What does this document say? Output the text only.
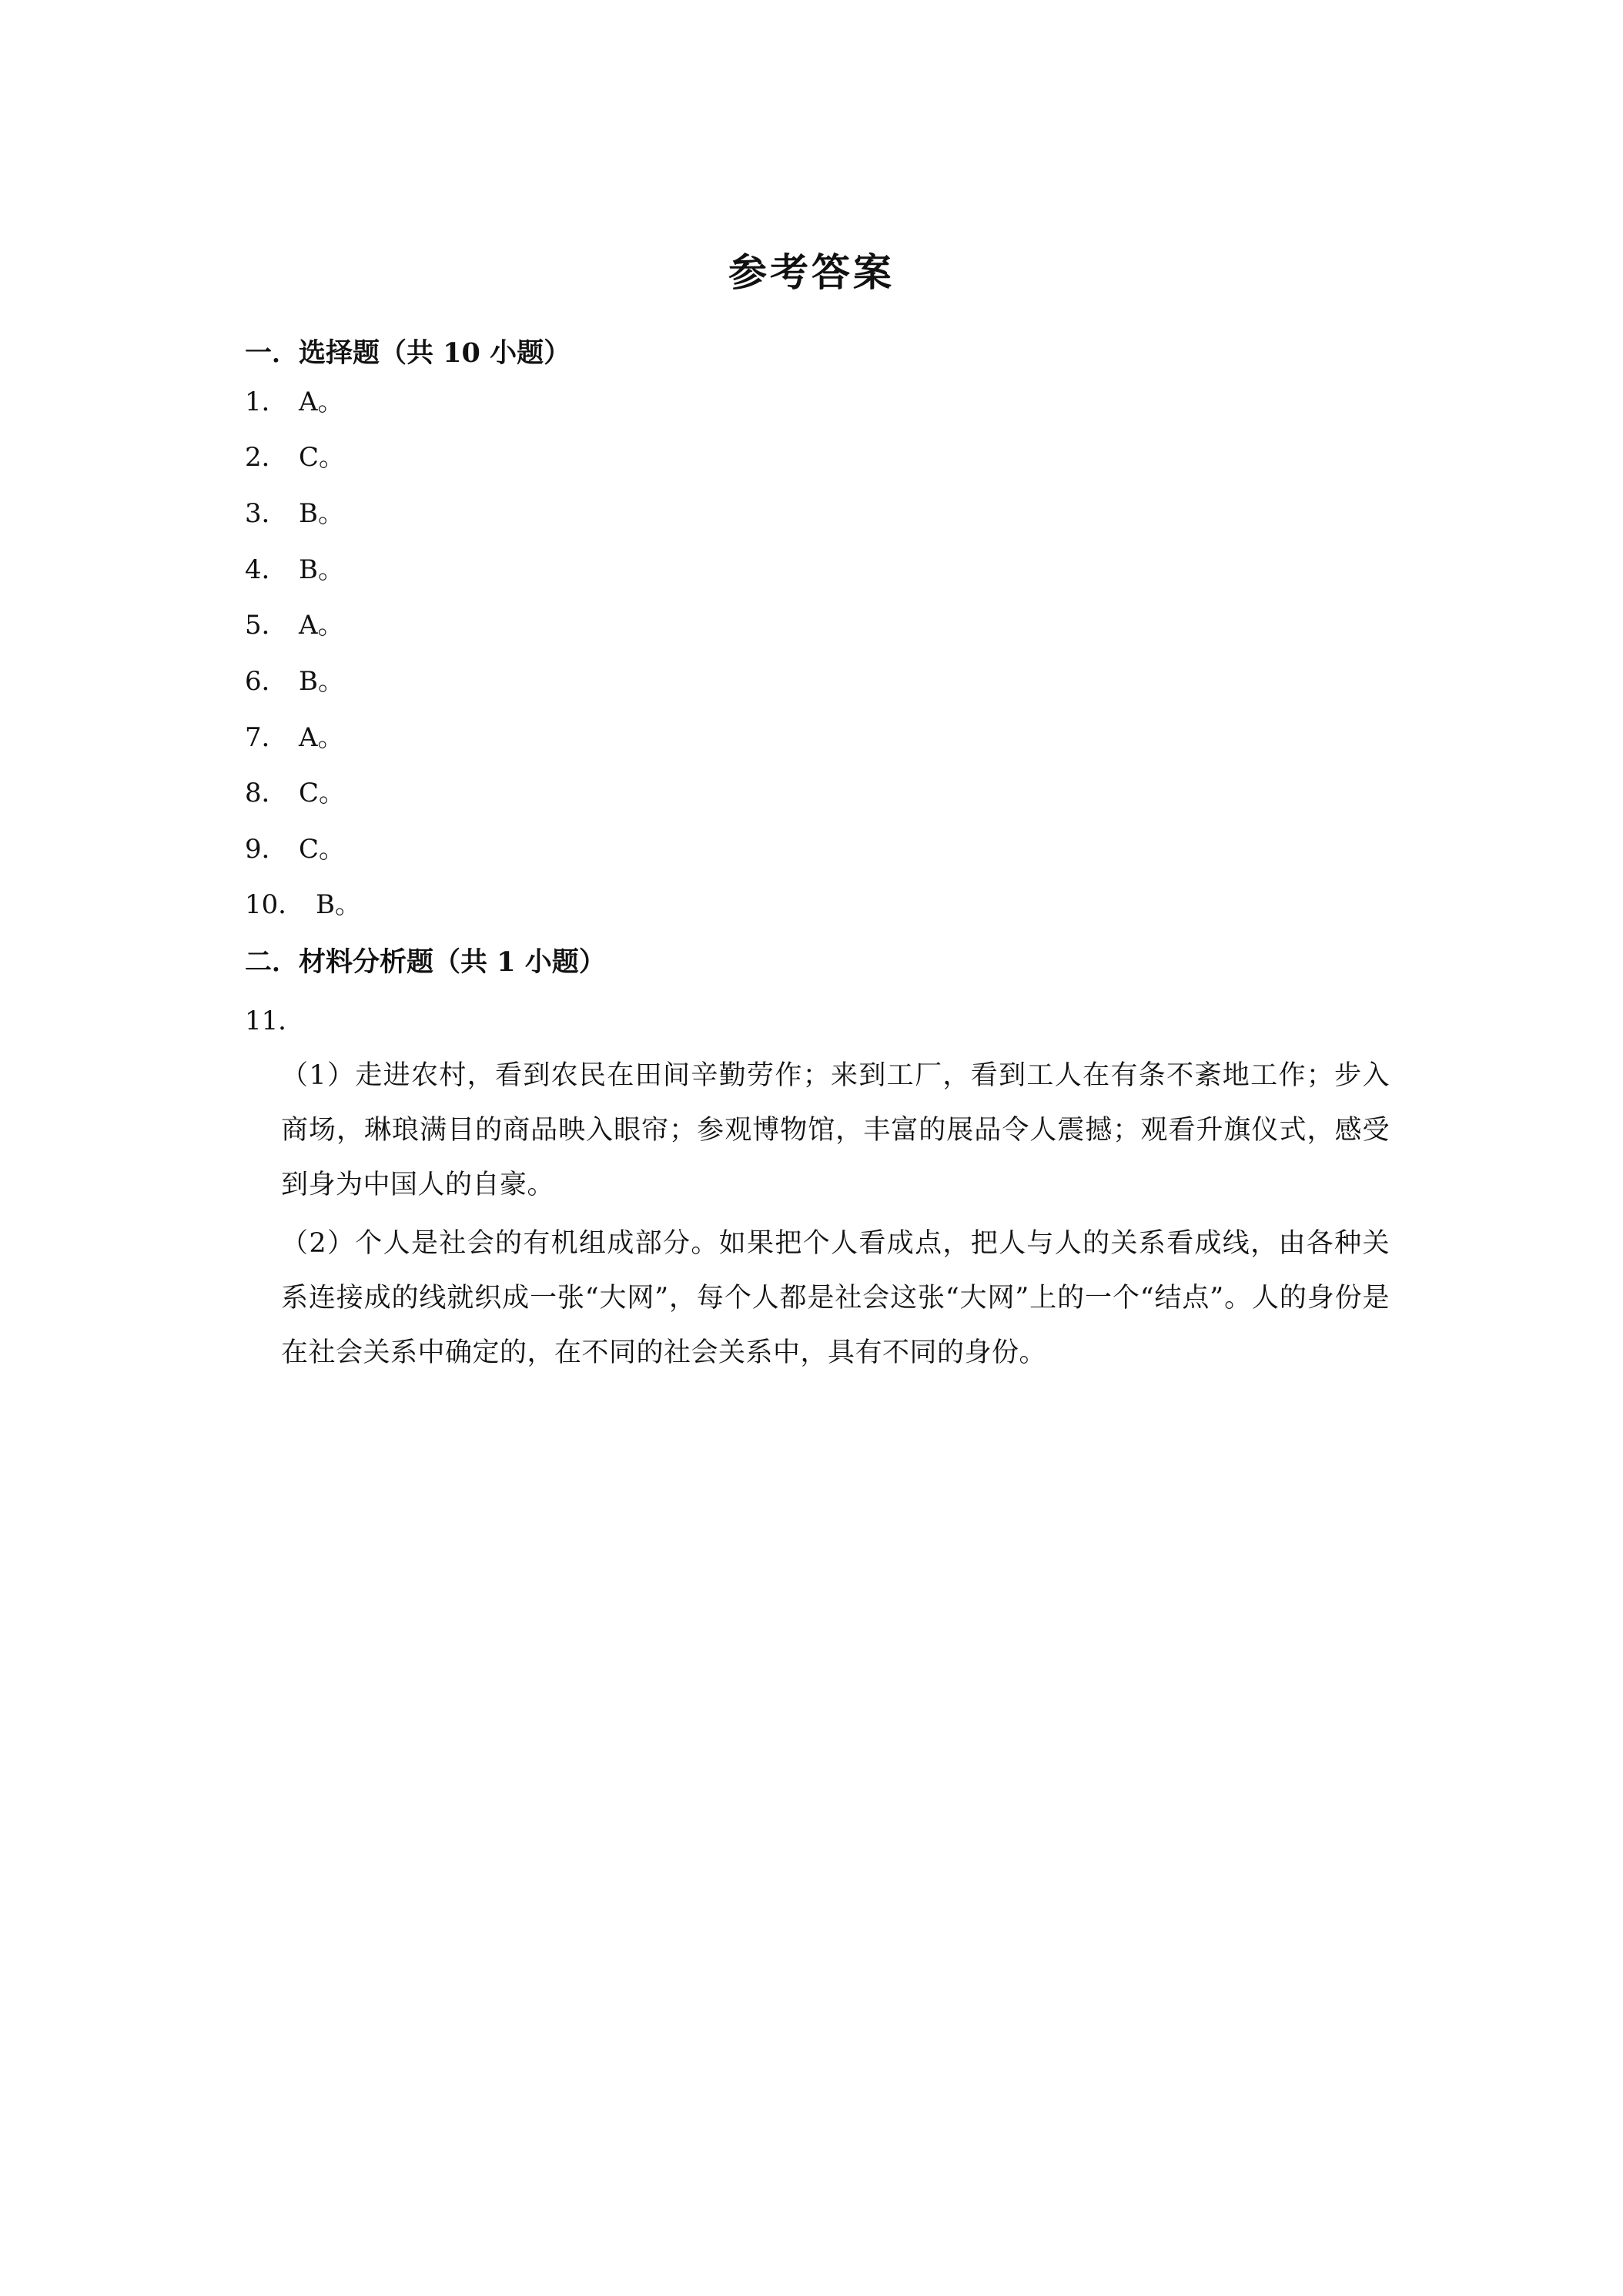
参考答案
一．选择题（共 10 小题）
1． A。
2． C。
3． B。
4． B。
5． A。
6． B。
7． A。
8． C。
9． C。
10． B。
二．材料分析题（共 1 小题）
11．
（1）走进农村，看到农民在田间辛勤劳作；来到工厂，看到工人在有条不紊地工作；步入商场，琳琅满目的商品映入眼帘；参观博物馆，丰富的展品令人震撼；观看升旗仪式，感受到身为中国人的自豪。
（2）个人是社会的有机组成部分。如果把个人看成点，把人与人的关系看成线，由各种关系连接成的线就织成一张“大网”，每个人都是社会这张“大网”上的一个“结点”。人的身份是在社会关系中确定的，在不同的社会关系中，具有不同的身份。
